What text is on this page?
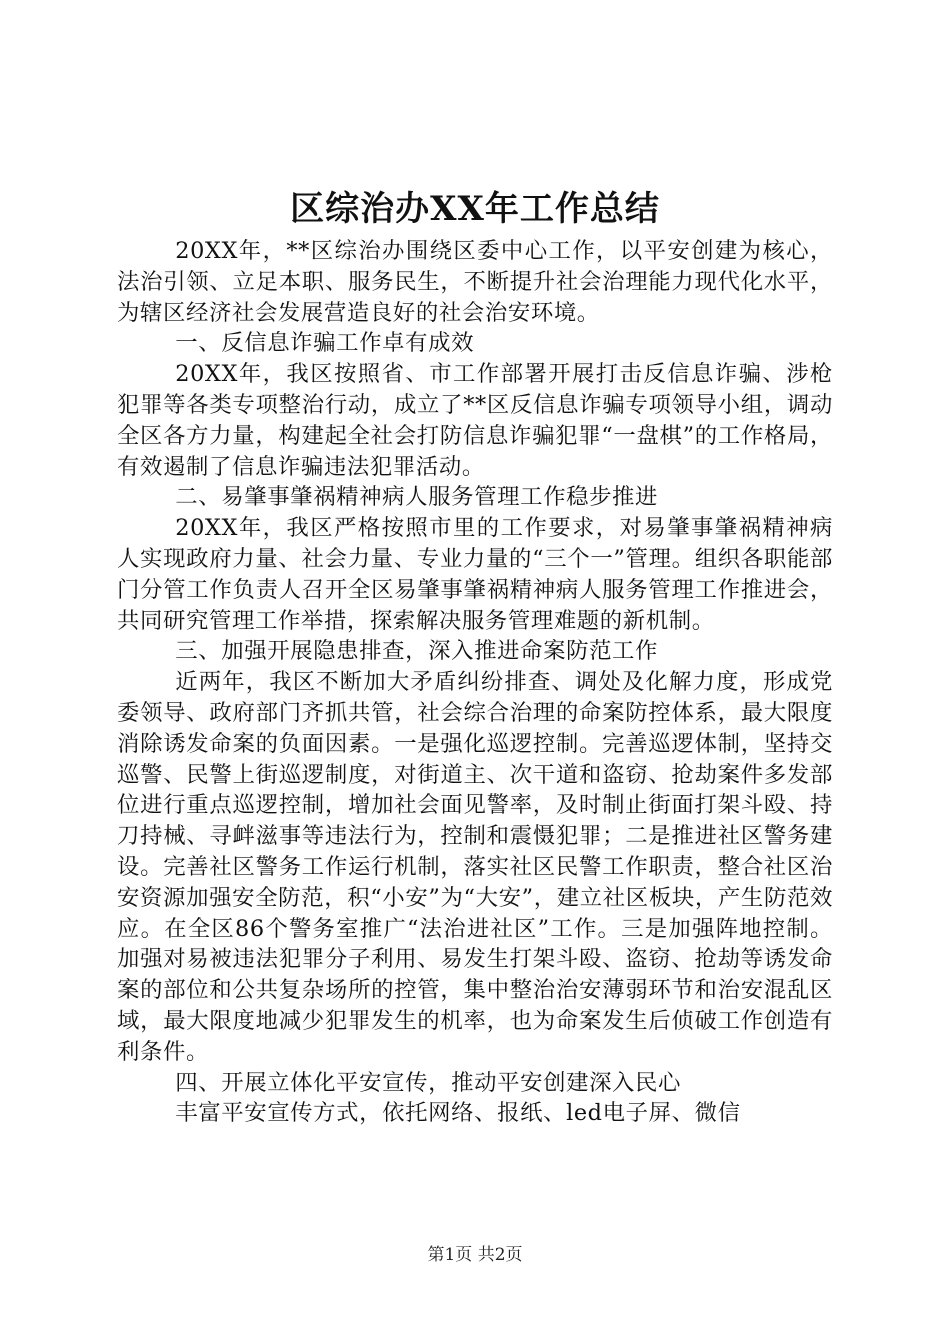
区综治办XX年工作总结

20XX年，**区综治办围绕区委中心工作，以平安创建为核心，法治引领、立足本职、服务民生，不断提升社会治理能力现代化水平，为辖区经济社会发展营造良好的社会治安环境。

一、反信息诈骗工作卓有成效

20XX年，我区按照省、市工作部署开展打击反信息诈骗、涉枪犯罪等各类专项整治行动，成立了**区反信息诈骗专项领导小组，调动全区各方力量，构建起全社会打防信息诈骗犯罪“一盘棋”的工作格局，有效遏制了信息诈骗违法犯罪活动。

二、易肇事肇祸精神病人服务管理工作稳步推进

20XX年，我区严格按照市里的工作要求，对易肇事肇祸精神病人实现政府力量、社会力量、专业力量的“三个一”管理。组织各职能部门分管工作负责人召开全区易肇事肇祸精神病人服务管理工作推进会，共同研究管理工作举措，探索解决服务管理难题的新机制。

三、加强开展隐患排查，深入推进命案防范工作

近两年，我区不断加大矛盾纠纷排查、调处及化解力度，形成党委领导、政府部门齐抓共管，社会综合治理的命案防控体系，最大限度消除诱发命案的负面因素。一是强化巡逻控制。完善巡逻体制，坚持交巡警、民警上街巡逻制度，对街道主、次干道和盗窃、抢劫案件多发部位进行重点巡逻控制，增加社会面见警率，及时制止街面打架斗殴、持刀持械、寻衅滋事等违法行为，控制和震慑犯罪；二是推进社区警务建设。完善社区警务工作运行机制，落实社区民警工作职责，整合社区治安资源加强安全防范，积“小安”为“大安”，建立社区板块，产生防范效应。在全区86个警务室推广“法治进社区”工作。三是加强阵地控制。加强对易被违法犯罪分子利用、易发生打架斗殴、盗窃、抢劫等诱发命案的部位和公共复杂场所的控管，集中整治治安薄弱环节和治安混乱区域，最大限度地减少犯罪发生的机率，也为命案发生后侦破工作创造有利条件。

四、开展立体化平安宣传，推动平安创建深入民心

丰富平安宣传方式，依托网络、报纸、led电子屏、微信

第1页 共2页
